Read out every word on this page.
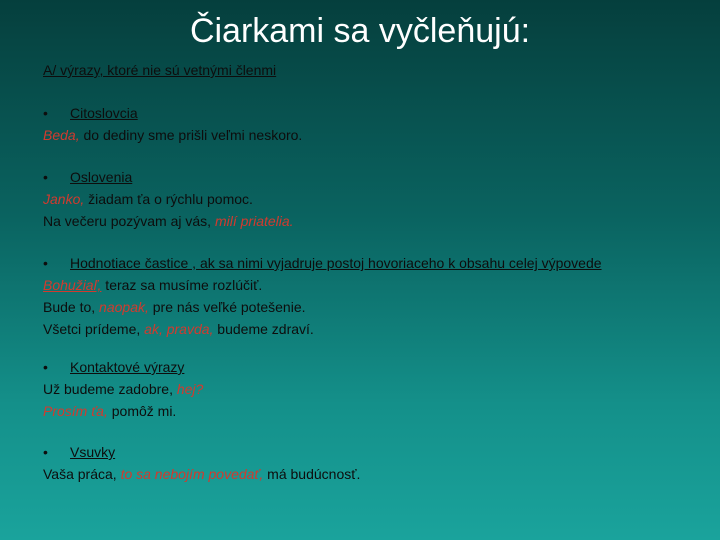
Čiarkami sa vyčleňujú:
A/ výrazy, ktoré nie sú vetnými členmi
• Citoslovcia
Beda, do dediny sme prišli veľmi neskoro.
• Oslovenia
Janko, žiadam ťa o rýchlu pomoc.
Na večeru pozývam aj vás, milí priatelia.
• Hodnotiace častice , ak sa nimi vyjadruje postoj hovoriaceho k obsahu celej výpovede
Bohužiaľ, teraz sa musíme rozlúčiť.
Bude to, naopak, pre nás veľké potešenie.
Všetci prídeme, ak, pravda, budeme zdraví.
• Kontaktové výrazy
Už budeme zadobre, hej?
Prosím ťa, pomôž mi.
• Vsuvky
Vaša práca, to sa nebojím povedať, má budúcnosť.
